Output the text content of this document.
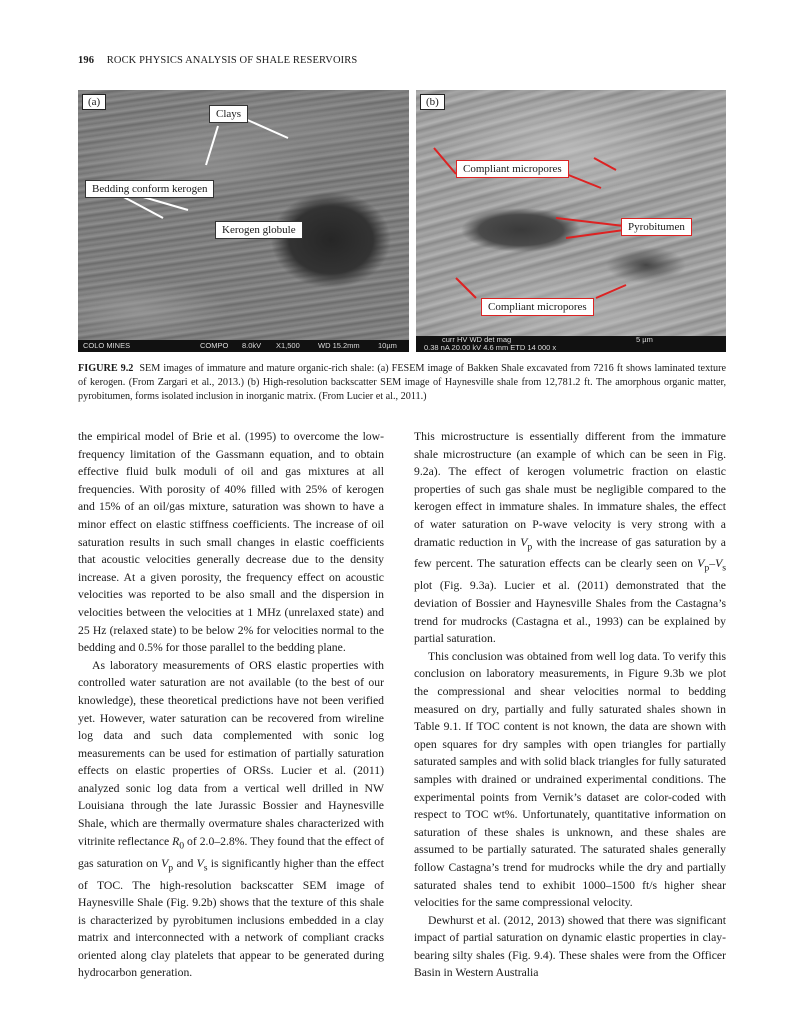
196 ROCK PHYSICS ANALYSIS OF SHALE RESERVOIRS
(a)
Clays
Bedding conform kerogen
Kerogen globule
COLO MINES	COMPO 8.0kV X1,500 WD 15.2mm 10µm
(b)
Compliant micropores
Pyrobitumen
Compliant micropores
curr HV WD det mag
0.38 nA 20.00 kV 4.6 mm ETD 14 000 x
5 µm
FIGURE 9.2 SEM images of immature and mature organic-rich shale: (a) FESEM image of Bakken Shale excavated from 7216 ft shows laminated texture of kerogen. (From Zargari et al., 2013.) (b) High-resolution backscatter SEM image of Haynesville shale from 12,781.2 ft. The amorphous organic matter, pyrobitumen, forms isolated inclusion in inorganic matrix. (From Lucier et al., 2011.)

the empirical model of Brie et al. (1995) to overcome the low-frequency limitation of the Gassmann equation, and to obtain effective fluid bulk moduli of oil and gas mixtures at all frequencies. With porosity of 40% filled with 25% of kerogen and 15% of an oil/gas mixture, saturation was shown to have a minor effect on elastic stiffness coefficients. The increase of oil saturation results in such small changes in elastic coefficients that acoustic velocities generally decrease due to the density increase. At a given porosity, the frequency effect on acoustic velocities was reported to be also small and the dispersion in velocities between the velocities at 1 MHz (unrelaxed state) and 25 Hz (relaxed state) to be below 2% for velocities normal to the bedding and 0.5% for those parallel to the bedding plane.

As laboratory measurements of ORS elastic properties with controlled water saturation are not available (to the best of our knowledge), these theoretical predictions have not been verified yet. However, water saturation can be recovered from wireline log data and such data complemented with sonic log measurements can be used for estimation of partially saturation effects on elastic properties of ORSs. Lucier et al. (2011) analyzed sonic log data from a vertical well drilled in NW Louisiana through the late Jurassic Bossier and Haynesville Shale, which are thermally overmature shales characterized with vitrinite reflectance $R_0$ of 2.0–2.8%. They found that the effect of gas saturation on $V_p$ and $V_s$ is significantly higher than the effect of TOC. The high-resolution backscatter SEM image of Haynesville Shale (Fig. 9.2b) shows that the texture of this shale is characterized by pyrobitumen inclusions embedded in a clay matrix and interconnected with a network of compliant cracks oriented along clay platelets that appear to be generated during hydrocarbon generation.

This microstructure is essentially different from the immature shale microstructure (an example of which can be seen in Fig. 9.2a). The effect of kerogen volumetric fraction on elastic properties of such gas shale must be negligible compared to the kerogen effect in immature shales. In immature shales, the effect of water saturation on P-wave velocity is very strong with a dramatic reduction in $V_p$ with the increase of gas saturation by a few percent. The saturation effects can be clearly seen on $V_p-V_s$ plot (Fig. 9.3a). Lucier et al. (2011) demonstrated that the deviation of Bossier and Haynesville Shales from the Castagna’s trend for mudrocks (Castagna et al., 1993) can be explained by partial saturation.

This conclusion was obtained from well log data. To verify this conclusion on laboratory measurements, in Figure 9.3b we plot the compressional and shear velocities normal to bedding measured on dry, partially and fully saturated shales shown in Table 9.1. If TOC content is not known, the data are shown with open squares for dry samples with open triangles for partially saturated samples and with solid black triangles for fully saturated samples with drained or undrained experimental conditions. The experimental points from Vernik’s dataset are color-coded with respect to TOC wt%. Unfortunately, quantitative information on saturation of these shales is unknown, and these shales are assumed to be partially saturated. The saturated shales generally follow Castagna’s trend for mudrocks while the dry and partially saturated shales tend to exhibit 1000–1500 ft/s higher shear velocities for the same compressional velocity.

Dewhurst et al. (2012, 2013) showed that there was significant impact of partial saturation on dynamic elastic properties in clay-bearing silty shales (Fig. 9.4). These shales were from the Officer Basin in Western Australia
